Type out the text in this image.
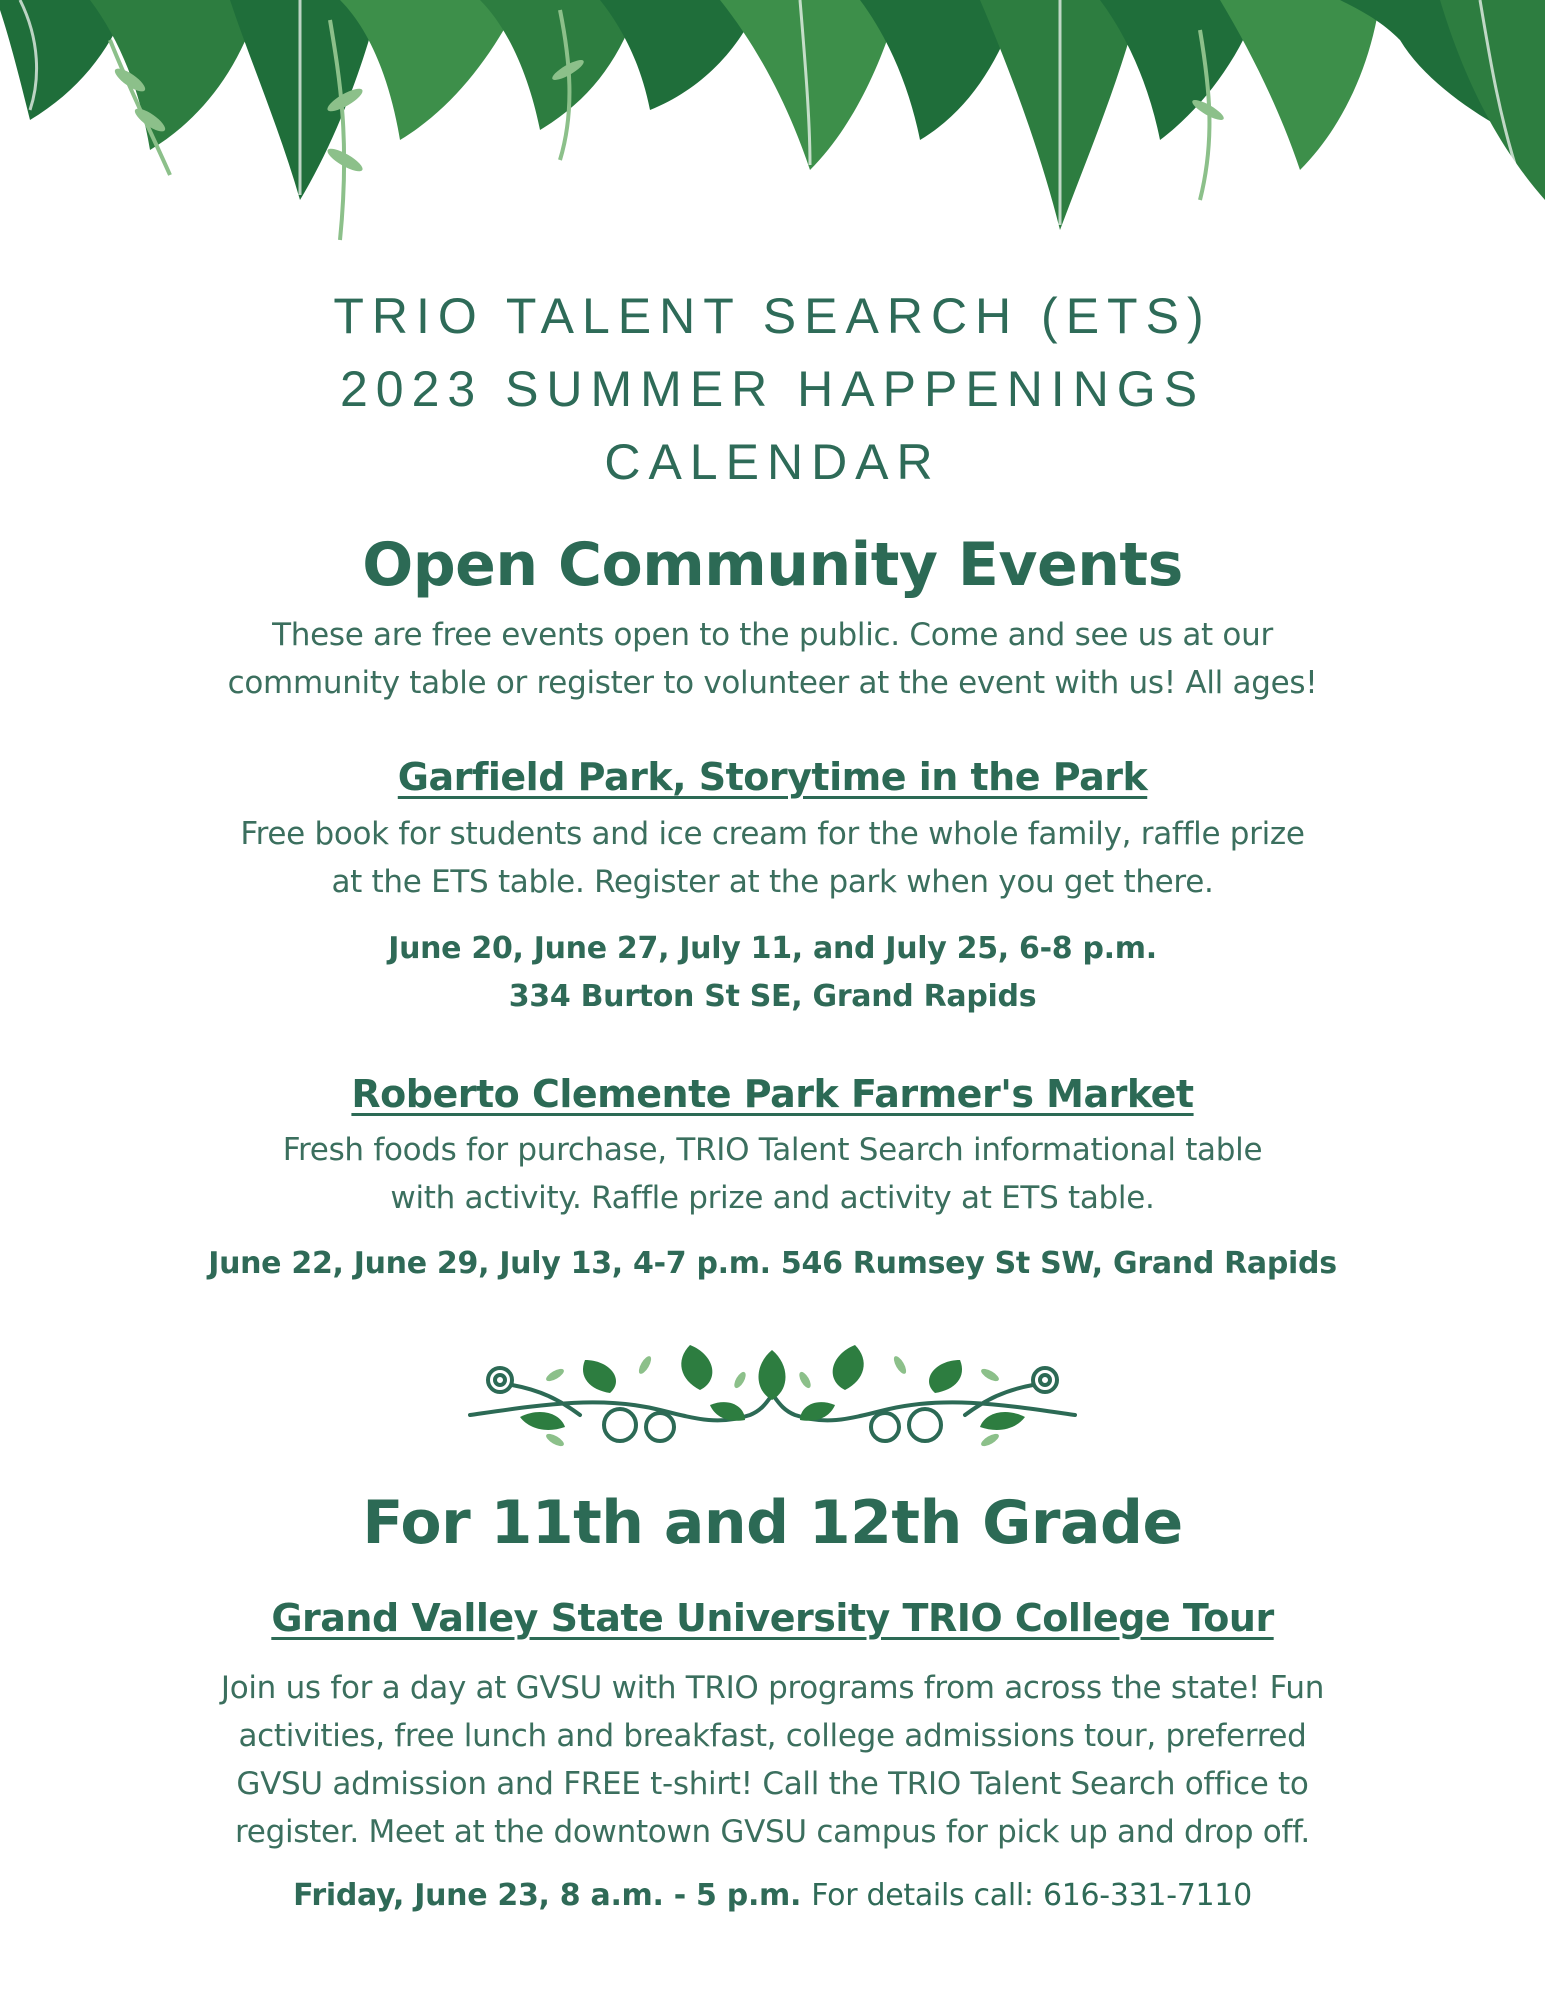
TRIO TALENT SEARCH (ETS)
2023 SUMMER HAPPENINGS
CALENDAR
Open Community Events
These are free events open to the public. Come and see us at our
community table or register to volunteer at the event with us! All ages!
Garfield Park, Storytime in the Park
Free book for students and ice cream for the whole family, raffle prize
at the ETS table. Register at the park when you get there.
June 20, June 27, July 11, and July 25, 6-8 p.m.
334 Burton St SE, Grand Rapids
Roberto Clemente Park Farmer's Market
Fresh foods for purchase, TRIO Talent Search informational table
with activity. Raffle prize and activity at ETS table.
June 22, June 29, July 13, 4-7 p.m. 546 Rumsey St SW, Grand Rapids
For 11th and 12th Grade
Grand Valley State University TRIO College Tour
Join us for a day at GVSU with TRIO programs from across the state! Fun
activities, free lunch and breakfast, college admissions tour, preferred
GVSU admission and FREE t-shirt! Call the TRIO Talent Search office to
register. Meet at the downtown GVSU campus for pick up and drop off.
Friday, June 23, 8 a.m. - 5 p.m. For details call: 616-331-7110
